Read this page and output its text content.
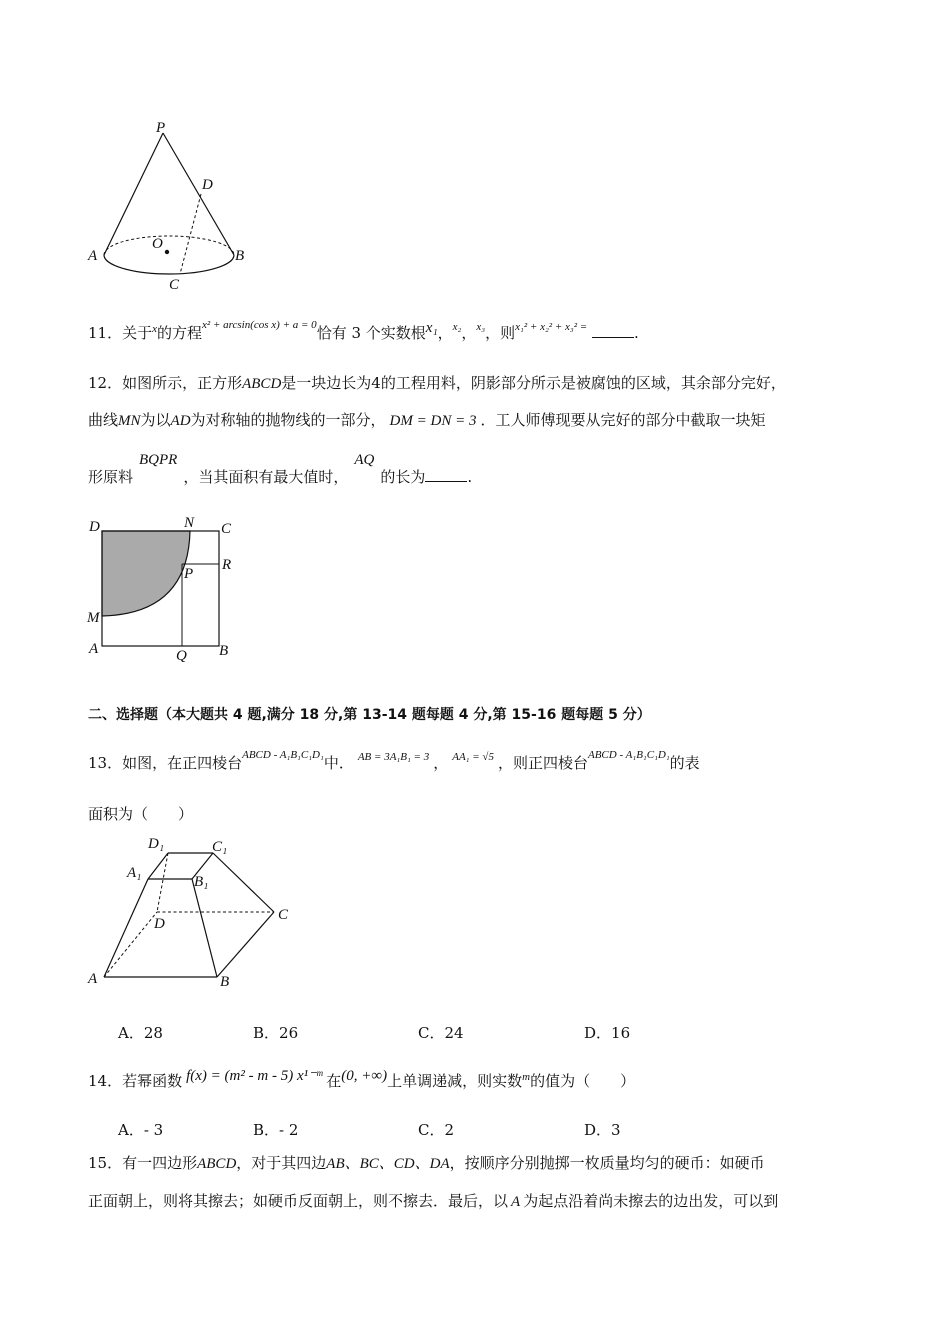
P
D
A
O
B
C
11．关于$^x$的方程$^{x^2 + arcsin(cos x) + a = 0}$恰有 3 个实数根x₁，$^{x_2}$，$^{x_3}$，则$^{x_1^2 + x_2^2 + x_3^2 =}$	.
12．如图所示，正方形ABCD是一块边长为4的工程用料，阴影部分所示是被腐蚀的区域，其余部分完好，
曲线MN为以AD为对称轴的抛物线的一部分， DM = DN = 3 ．工人师傅现要从完好的部分中截取一块矩
形原料BQPR，当其面积有最大值时，AQ的长为	.
D	N C
R
P
M
A	Q B
二、选择题（本大题共 4 题,满分 18 分,第 13-14 题每题 4 分,第 15-16 题每题 5 分）
13．如图，在正四棱台$^{ABCD - A_1B_1C_1D_1}$中． $^{AB = 3A_1B_1 = 3}$ ， $^{AA_1 = √5}$ ，则正四棱台$^{ABCD - A_1B_1C_1D_1}$的表
面积为（　　）
D₁	C₁
A₁
B₁
D
C
A	B
A．28	B．26	C．24	D．16
14．若幂函数 f(x) = (m² - m - 5) x¹⁻ᵐ 在(0, +∞)上单调递减，则实数$^m$的值为（　　）
A．- 3	B．- 2	C．2	D．3
15．有一四边形ABCD，对于其四边AB、BC、CD、DA，按顺序分别抛掷一枚质量均匀的硬币：如硬币
正面朝上，则将其擦去；如硬币反面朝上，则不擦去．最后，以 A 为起点沿着尚未擦去的边出发，可以到
